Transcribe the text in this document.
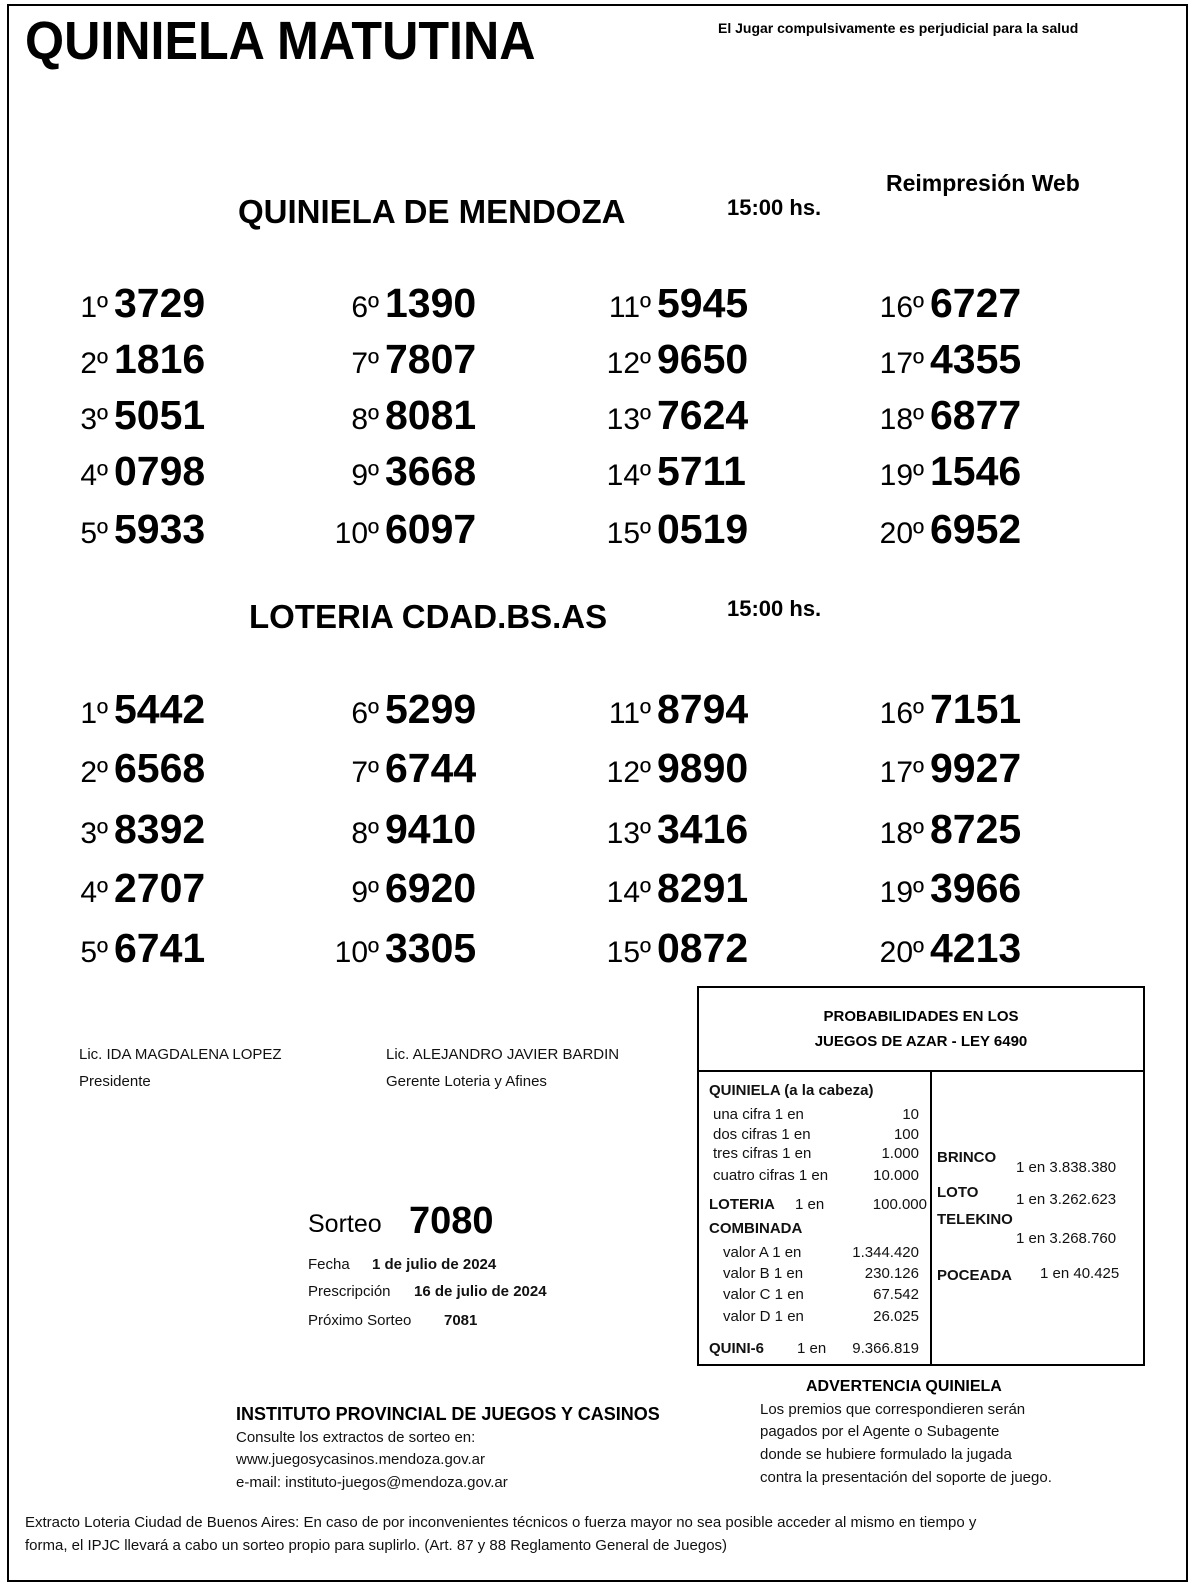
QUINIELA MATUTINA	El Jugar compulsivamente es perjudicial para la salud
Reimpresión Web
QUINIELA DE MENDOZA	15:00 hs.
LOTERIA CDAD.BS.AS	15:00 hs.
1º 3729
2º 1816
3º 5051
4º 0798
5º 5933
6º 1390
7º 7807
8º 8081
9º 3668
10º 6097
11º 5945
12º 9650
13º 7624
14º 5711
15º 0519
16º 6727
17º 4355
18º 6877
19º 1546
20º 6952
1º 5442
2º 6568
3º 8392
4º 2707
5º 6741
6º 5299
7º 6744
8º 9410
9º 6920
10º 3305
11º 8794
12º 9890
13º 3416
14º 8291
15º 0872
16º 7151
17º 9927
18º 8725
19º 3966
20º 4213
Lic. IDA MAGDALENA LOPEZ
Presidente
Lic. ALEJANDRO JAVIER BARDIN
Gerente Loteria y Afines
Sorteo 7080
Fecha 1 de julio de 2024
Prescripción 16 de julio de 2024
Próximo Sorteo 7081
PROBABILIDADES EN LOS
JUEGOS DE AZAR - LEY 6490
QUINIELA (a la cabeza)
una cifra 1 en	10
dos cifras 1 en	100
tres cifras 1 en	1.000
cuatro cifras 1 en	10.000
LOTERIA 1 en	100.000
COMBINADA
valor A 1 en	1.344.420
valor B 1 en	230.126
valor C 1 en	67.542
valor D 1 en	26.025
QUINI-6 1 en	9.366.819
BRINCO
1 en 3.838.380
LOTO	1 en 3.262.623
TELEKINO
1 en 3.268.760
POCEADA 1 en 40.425
INSTITUTO PROVINCIAL DE JUEGOS Y CASINOS
Consulte los extractos de sorteo en:
www.juegosycasinos.mendoza.gov.ar
e-mail: instituto-juegos@mendoza.gov.ar
ADVERTENCIA QUINIELA
Los premios que correspondieren serán
pagados por el Agente o Subagente
donde se hubiere formulado la jugada
contra la presentación del soporte de juego.
Extracto Loteria Ciudad de Buenos Aires: En caso de por inconvenientes técnicos o fuerza mayor no sea posible acceder al mismo en tiempo y
forma, el IPJC llevará a cabo un sorteo propio para suplirlo. (Art. 87 y 88 Reglamento General de Juegos)
